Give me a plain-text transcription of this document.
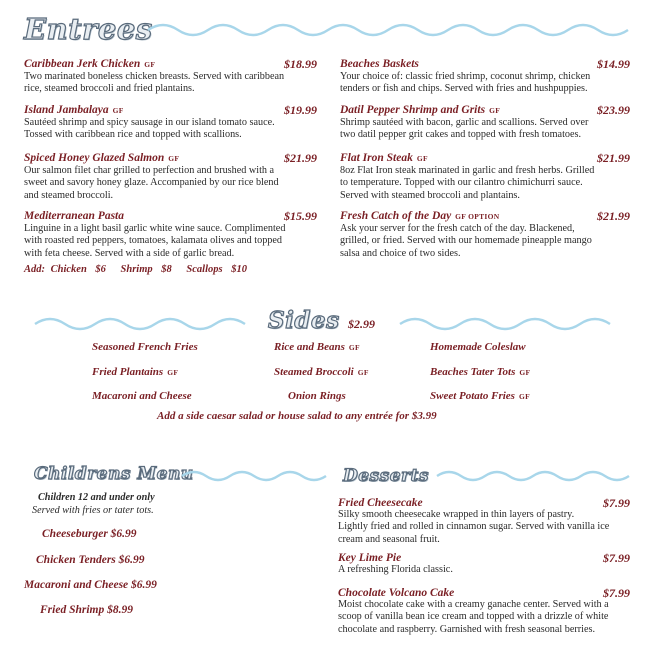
Entrees
Caribbean Jerk Chicken GF	$18.99
Two marinated boneless chicken breasts. Served with caribbean
rice, steamed broccoli and fried plantains.
Island Jambalaya GF	$19.99
Sautéed shrimp and spicy sausage in our island tomato sauce.
Tossed with caribbean rice and topped with scallions.
Spiced Honey Glazed Salmon GF	$21.99
Our salmon filet char grilled to perfection and brushed with a
sweet and savory honey glaze. Accompanied by our rice blend
and steamed broccoli.
Mediterranean Pasta	$15.99
Linguine in a light basil garlic white wine sauce. Complimented
with roasted red peppers, tomatoes, kalamata olives and topped
with feta cheese. Served with a side of garlic bread.
Add: Chicken $6 Shrimp $8 Scallops $10
Beaches Baskets	$14.99
Your choice of: classic fried shrimp, coconut shrimp, chicken
tenders or fish and chips. Served with fries and hushpuppies.
Datil Pepper Shrimp and Grits GF	$23.99
Shrimp sautéed with bacon, garlic and scallions. Served over
two datil pepper grit cakes and topped with fresh tomatoes.
Flat Iron Steak GF	$21.99
8oz Flat Iron steak marinated in garlic and fresh herbs. Grilled
to temperature. Topped with our cilantro chimichurri sauce.
Served with steamed broccoli and plantains.
Fresh Catch of the Day GF OPTION	$21.99
Ask your server for the fresh catch of the day. Blackened,
grilled, or fried. Served with our homemade pineapple mango
salsa and choice of two sides.
Sides $2.99
Seasoned French Fries	Rice and Beans GF	Homemade Coleslaw
Fried Plantains GF	Steamed Broccoli GF	Beaches Tater Tots GF
Macaroni and Cheese	Onion Rings	Sweet Potato Fries GF
Add a side caesar salad or house salad to any entrée for $3.99
Childrens Menu
Children 12 and under only
Served with fries or tater tots.
Cheeseburger $6.99
Chicken Tenders $6.99
Macaroni and Cheese $6.99
Fried Shrimp $8.99
Desserts
Fried Cheesecake	$7.99
Silky smooth cheesecake wrapped in thin layers of pastry.
Lightly fried and rolled in cinnamon sugar. Served with vanilla ice
cream and seasonal fruit.
Key Lime Pie	$7.99
A refreshing Florida classic.
Chocolate Volcano Cake	$7.99
Moist chocolate cake with a creamy ganache center. Served with a
scoop of vanilla bean ice cream and topped with a drizzle of white
chocolate and raspberry. Garnished with fresh seasonal berries.
